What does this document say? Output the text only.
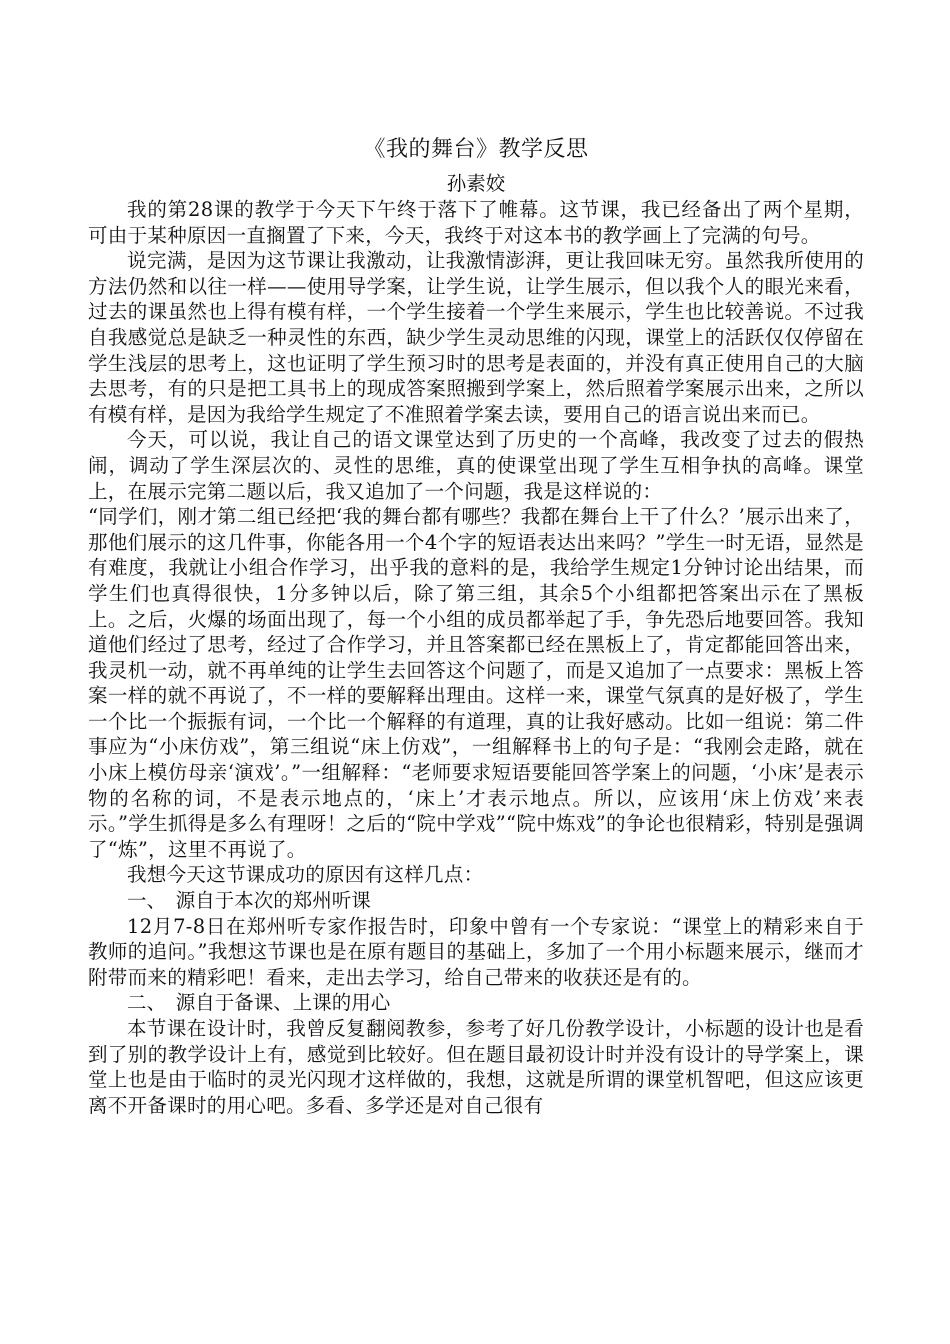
《我的舞台》教学反思
孙素姣

我的第28课的教学于今天下午终于落下了帷幕。这节课，我已经备出了两个星期，可由于某种原因一直搁置了下来，今天，我终于对这本书的教学画上了完满的句号。

说完满，是因为这节课让我激动，让我激情澎湃，更让我回味无穷。虽然我所使用的方法仍然和以往一样——使用导学案，让学生说，让学生展示，但以我个人的眼光来看，过去的课虽然也上得有模有样，一个学生接着一个学生来展示，学生也比较善说。不过我自我感觉总是缺乏一种灵性的东西，缺少学生灵动思维的闪现，课堂上的活跃仅仅停留在学生浅层的思考上，这也证明了学生预习时的思考是表面的，并没有真正使用自己的大脑去思考，有的只是把工具书上的现成答案照搬到学案上，然后照着学案展示出来，之所以有模有样，是因为我给学生规定了不准照着学案去读，要用自己的语言说出来而已。

今天，可以说，我让自己的语文课堂达到了历史的一个高峰，我改变了过去的假热闹，调动了学生深层次的、灵性的思维，真的使课堂出现了学生互相争执的高峰。课堂上，在展示完第二题以后，我又追加了一个问题，我是这样说的：

“同学们，刚才第二组已经把‘我的舞台都有哪些？我都在舞台上干了什么？’展示出来了，那他们展示的这几件事，你能各用一个4个字的短语表达出来吗？”学生一时无语，显然是有难度，我就让小组合作学习，出乎我的意料的是，我给学生规定1分钟讨论出结果，而学生们也真得很快，1分多钟以后，除了第三组，其余5个小组都把答案出示在了黑板上。之后，火爆的场面出现了，每一个小组的成员都举起了手，争先恐后地要回答。我知道他们经过了思考，经过了合作学习，并且答案都已经在黑板上了，肯定都能回答出来，我灵机一动，就不再单纯的让学生去回答这个问题了，而是又追加了一点要求：黑板上答案一样的就不再说了，不一样的要解释出理由。这样一来，课堂气氛真的是好极了，学生一个比一个振振有词，一个比一个解释的有道理，真的让我好感动。比如一组说：第二件事应为“小床仿戏”，第三组说“床上仿戏”，一组解释书上的句子是：“我刚会走路，就在小床上模仿母亲‘演戏’。”一组解释：“老师要求短语要能回答学案上的问题，‘小床’是表示物的名称的词，不是表示地点的，‘床上’才表示地点。所以，应该用‘床上仿戏’来表示。”学生抓得是多么有理呀！之后的“院中学戏”“院中炼戏”的争论也很精彩，特别是强调了“炼”，这里不再说了。

我想今天这节课成功的原因有这样几点：

一、 源自于本次的郑州听课

12月7-8日在郑州听专家作报告时，印象中曾有一个专家说：“课堂上的精彩来自于教师的追问。”我想这节课也是在原有题目的基础上，多加了一个用小标题来展示，继而才附带而来的精彩吧！看来，走出去学习，给自己带来的收获还是有的。

二、 源自于备课、上课的用心

本节课在设计时，我曾反复翻阅教参，参考了好几份教学设计，小标题的设计也是看到了别的教学设计上有，感觉到比较好。但在题目最初设计时并没有设计的导学案上，课堂上也是由于临时的灵光闪现才这样做的，我想，这就是所谓的课堂机智吧，但这应该更离不开备课时的用心吧。多看、多学还是对自己很有
